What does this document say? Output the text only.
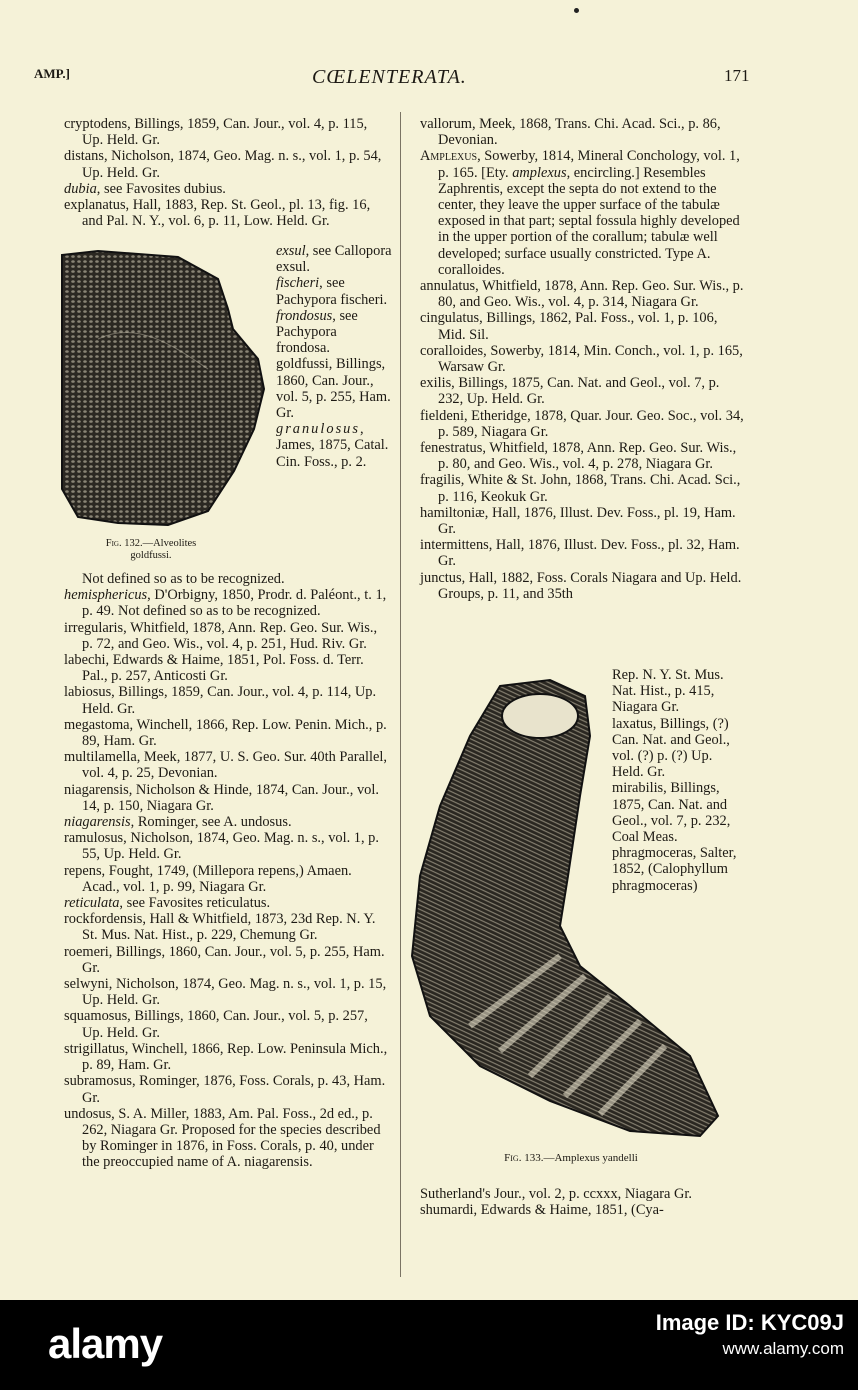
AMP.]	CŒLENTERATA.	171

cryptodens, Billings, 1859, Can. Jour., vol. 4, p. 115, Up. Held. Gr.

distans, Nicholson, 1874, Geo. Mag. n. s., vol. 1, p. 54, Up. Held. Gr.

dubia, see Favosites dubius.

explanatus, Hall, 1883, Rep. St. Geol., pl. 13, fig. 16, and Pal. N. Y., vol. 6, p. 11, Low. Held. Gr.

Fig. 132.—Alveolites
goldfussi.
exsul, see Callopora exsul.
fischeri, see Pachypora fischeri.
frondosus, see Pachypora frondosa.
goldfussi, Billings, 1860, Can. Jour., vol. 5, p. 255, Ham. Gr.
granulosus, James, 1875, Catal. Cin. Foss., p. 2.

Not defined so as to be recognized.

hemisphericus, D'Orbigny, 1850, Prodr. d. Paléont., t. 1, p. 49. Not defined so as to be recognized.

irregularis, Whitfield, 1878, Ann. Rep. Geo. Sur. Wis., p. 72, and Geo. Wis., vol. 4, p. 251, Hud. Riv. Gr.

labechi, Edwards & Haime, 1851, Pol. Foss. d. Terr. Pal., p. 257, Anticosti Gr.

labiosus, Billings, 1859, Can. Jour., vol. 4, p. 114, Up. Held. Gr.

megastoma, Winchell, 1866, Rep. Low. Penin. Mich., p. 89, Ham. Gr.

multilamella, Meek, 1877, U. S. Geo. Sur. 40th Parallel, vol. 4, p. 25, Devonian.

niagarensis, Nicholson & Hinde, 1874, Can. Jour., vol. 14, p. 150, Niagara Gr.

niagarensis, Rominger, see A. undosus.

ramulosus, Nicholson, 1874, Geo. Mag. n. s., vol. 1, p. 55, Up. Held. Gr.

repens, Fought, 1749, (Millepora repens,) Amaen. Acad., vol. 1, p. 99, Niagara Gr.

reticulata, see Favosites reticulatus.

rockfordensis, Hall & Whitfield, 1873, 23d Rep. N. Y. St. Mus. Nat. Hist., p. 229, Chemung Gr.

roemeri, Billings, 1860, Can. Jour., vol. 5, p. 255, Ham. Gr.

selwyni, Nicholson, 1874, Geo. Mag. n. s., vol. 1, p. 15, Up. Held. Gr.

squamosus, Billings, 1860, Can. Jour., vol. 5, p. 257, Up. Held. Gr.

strigillatus, Winchell, 1866, Rep. Low. Peninsula Mich., p. 89, Ham. Gr.

subramosus, Rominger, 1876, Foss. Corals, p. 43, Ham. Gr.

undosus, S. A. Miller, 1883, Am. Pal. Foss., 2d ed., p. 262, Niagara Gr. Proposed for the species described by Rominger in 1876, in Foss. Corals, p. 40, under the preoccupied name of A. niagarensis.

vallorum, Meek, 1868, Trans. Chi. Acad. Sci., p. 86, Devonian.

Amplexus, Sowerby, 1814, Mineral Conchology, vol. 1, p. 165. [Ety. amplexus, encircling.] Resembles Zaphrentis, except the septa do not extend to the center, they leave the upper surface of the tabulæ exposed in that part; septal fossula highly developed in the upper portion of the corallum; tabulæ well developed; surface usually constricted. Type A. coralloides.

annulatus, Whitfield, 1878, Ann. Rep. Geo. Sur. Wis., p. 80, and Geo. Wis., vol. 4, p. 314, Niagara Gr.

cingulatus, Billings, 1862, Pal. Foss., vol. 1, p. 106, Mid. Sil.

coralloides, Sowerby, 1814, Min. Conch., vol. 1, p. 165, Warsaw Gr.

exilis, Billings, 1875, Can. Nat. and Geol., vol. 7, p. 232, Up. Held. Gr.

fieldeni, Etheridge, 1878, Quar. Jour. Geo. Soc., vol. 34, p. 589, Niagara Gr.

fenestratus, Whitfield, 1878, Ann. Rep. Geo. Sur. Wis., p. 80, and Geo. Wis., vol. 4, p. 278, Niagara Gr.

fragilis, White & St. John, 1868, Trans. Chi. Acad. Sci., p. 116, Keokuk Gr.

hamiltoniæ, Hall, 1876, Illust. Dev. Foss., pl. 19, Ham. Gr.

intermittens, Hall, 1876, Illust. Dev. Foss., pl. 32, Ham. Gr.

junctus, Hall, 1882, Foss. Corals Niagara and Up. Held. Groups, p. 11, and 35th

Rep. N. Y. St. Mus. Nat. Hist., p. 415, Niagara Gr.
laxatus, Billings, (?) Can. Nat. and Geol., vol. (?) p. (?) Up. Held. Gr.
mirabilis, Billings, 1875, Can. Nat. and Geol., vol. 7, p. 232, Coal Meas.
phragmoceras, Salter, 1852, (Calophyllum phragmoceras)
Fig. 133.—Amplexus yandelli

Sutherland's Jour., vol. 2, p. ccxxx, Niagara Gr.

shumardi, Edwards & Haime, 1851, (Cya-

alamy	Image ID: KYC09J
www.alamy.com
